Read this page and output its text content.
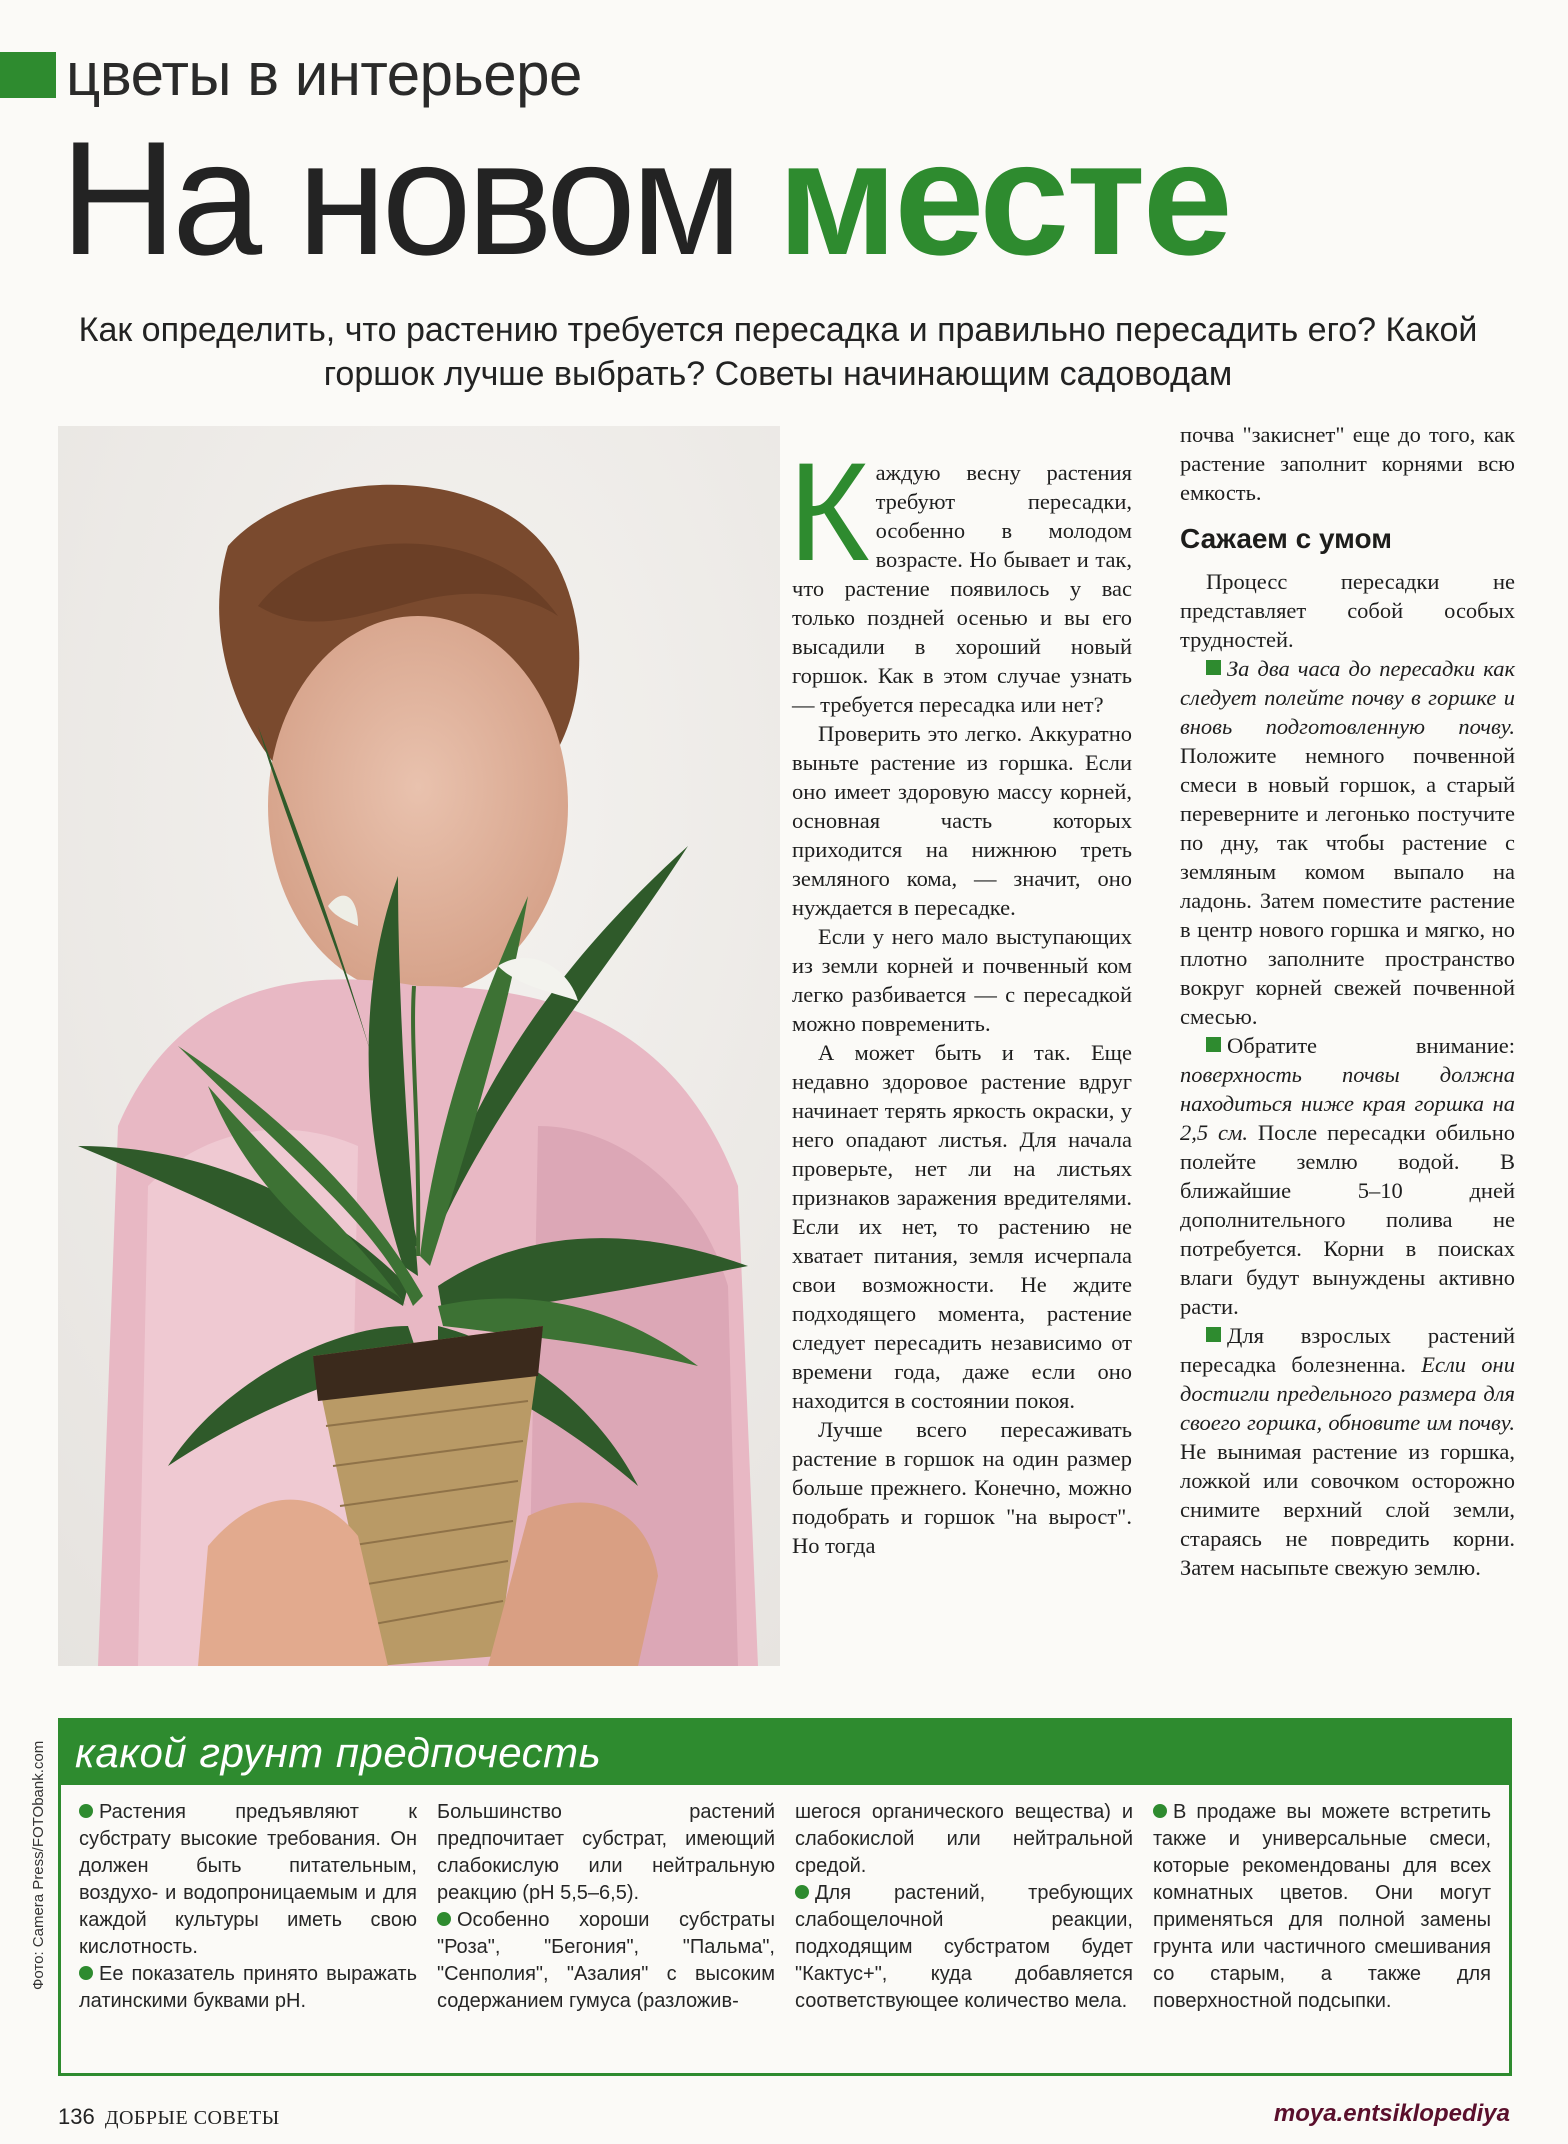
цветы в интерьере
На новом месте
Как определить, что растению требуется пересадка и правильно пересадить его? Какой горшок лучше выбрать? Советы начинающим садоводам

Каждую весну растения требуют пересадки, особенно в молодом возрасте. Но бывает и так, что растение появилось у вас только поздней осенью и вы его высадили в хороший новый горшок. Как в этом случае узнать — требуется пересадка или нет?

Проверить это легко. Аккуратно выньте растение из горшка. Если оно имеет здоровую массу корней, основная часть которых приходится на нижнюю треть земляного кома, — значит, оно нуждается в пересадке.

Если у него мало выступающих из земли корней и почвенный ком легко разбивается — с пересадкой можно повременить.

А может быть и так. Еще недавно здоровое растение вдруг начинает терять яркость окраски, у него опадают листья. Для начала проверьте, нет ли на листьях признаков заражения вредителями. Если их нет, то растению не хватает питания, земля исчерпала свои возможности. Не ждите подходящего момента, растение следует пересадить независимо от времени года, даже если оно находится в состоянии покоя.

Лучше всего пересаживать растение в горшок на один размер больше прежнего. Конечно, можно подобрать и горшок "на вырост". Но тогда

почва "закиснет" еще до того, как растение заполнит корнями всю емкость.

Сажаем с умом

Процесс пересадки не представляет собой особых трудностей.

За два часа до пересадки как следует полейте почву в горшке и вновь подготовленную почву. Положите немного почвенной смеси в новый горшок, а старый переверните и легонько постучите по дну, так чтобы растение с земляным комом выпало на ладонь. Затем поместите растение в центр нового горшка и мягко, но плотно заполните пространство вокруг корней свежей почвенной смесью.

Обратите внимание: поверхность почвы должна находиться ниже края горшка на 2,5 см. После пересадки обильно полейте землю водой. В ближайшие 5–10 дней дополнительного полива не потребуется. Корни в поисках влаги будут вынуждены активно расти.

Для взрослых растений пересадка болезненна. Если они достигли предельного размера для своего горшка, обновите им почву. Не вынимая растение из горшка, ложкой или совочком осторожно снимите верхний слой земли, стараясь не повредить корни. Затем насыпьте свежую землю.

Фото: Camera Press/FOTObank.com какой грунт предпочесть

Растения предъявляют к субстрату высокие требования. Он должен быть питательным, воздухо- и водопроницаемым и для каждой культуры иметь свою кислотность.

Ее показатель принято выражать латинскими буквами pH.

Большинство растений предпочитает субстрат, имеющий слабокислую или нейтральную реакцию (pH 5,5–6,5).

Особенно хороши субстраты "Роза", "Бегония", "Пальма", "Сенполия", "Азалия" с высоким содержанием гумуса (разложив-

шегося органического вещества) и слабокислой или нейтральной средой.

Для растений, требующих слабощелочной реакции, подходящим субстратом будет "Кактус+", куда добавляется соответствующее количество мела.

В продаже вы можете встретить также и универсальные смеси, которые рекомендованы для всех комнатных цветов. Они могут применяться для полной замены грунта или частичного смешивания со старым, а также для поверхностной подсыпки.

136 ДОБРЫЕ СОВЕТЫ	moya.entsiklopediya
